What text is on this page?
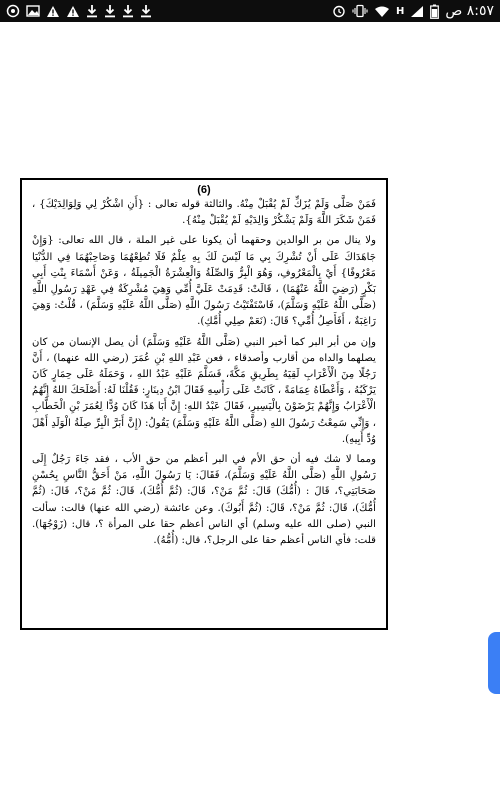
H	٨:٥٧ ص
(6)

فَمَنْ صَلَّى وَلَمْ يُزَكِّ لَمْ يُقْبَلْ مِنْهُ. والثالثة قوله تعالى : {أَنِ اشْكُرْ لِي وَلِوَالِدَيْكَ} ، فَمَنْ شَكَرَ اللَّهَ وَلَمْ يَشْكُرْ وَالِدَيْهِ لَمْ يُقْبَلْ مِنْهُ}.

ولا ينال من بر الوالدين وحقهما أن يكونا على غير الملة ، قال الله تعالى: {وَإِنْ جَاهَدَاكَ عَلَى أَنْ تُشْرِكَ بِي مَا لَيْسَ لَكَ بِهِ عِلْمٌ فَلَا تُطِعْهُمَا وَصَاحِبْهُمَا فِي الدُّنْيَا مَعْرُوفًا} أَيْ بِالْمَعْرُوفِ، وَهُوَ الْبِرُّ وَالصِّلَةُ وَالْعِشْرَةُ الْجَمِيلَةُ ، وَعَنْ أَسْمَاءَ بِنْتِ أَبِي بَكْرٍ (رَضِيَ اللَّهُ عَنْهُمَا) ، قَالَتْ: قَدِمَتْ عَلَيَّ أُمِّي وَهِيَ مُشْرِكَةٌ فِي عَهْدِ رَسُولِ اللَّهِ (صَلَّى اللَّهُ عَلَيْهِ وَسَلَّمَ)، فَاسْتَفْتَيْتُ رَسُولَ اللَّهِ (صَلَّى اللَّهُ عَلَيْهِ وَسَلَّمَ) ، قُلْتُ: وَهِيَ رَاغِبَةٌ ، أَفَأَصِلُ أُمِّي؟ قَالَ: (نَعَمْ صِلِي أُمَّكِ).

وإن من أبر البر كما أخبر النبي (صَلَّى اللَّهُ عَلَيْهِ وَسَلَّمَ) أن يصل الإنسان من كان يصلهما والداه من أقارب وأصدقاء ، فعن عَبْدِ اللهِ بْنِ عُمَرَ (رضي الله عنهما) ، أَنَّ رَجُلًا مِنَ الْأَعْرَابِ لَقِيَهُ بِطَرِيقِ مَكَّةَ، فَسَلَّمَ عَلَيْهِ عَبْدُ اللهِ ، وَحَمَلَهُ عَلَى حِمَارٍ كَانَ يَرْكَبُهُ ، وَأَعْطَاهُ عِمَامَةً ، كَانَتْ عَلَى رَأْسِهِ فَقَالَ ابْنُ دِينَارٍ: فَقُلْنَا لَهُ: أَصْلَحَكَ اللهُ إِنَّهُمُ الْأَعْرَابُ وَإِنَّهُمْ يَرْضَوْنَ بِالْيَسِيرِ، فَقَالَ عَبْدُ اللهِ: إِنَّ أَبَا هَذَا كَانَ وُدًّا لِعُمَرَ بْنِ الْخَطَّابِ ، وَإِنِّي سَمِعْتُ رَسُولَ اللهِ (صَلَّى اللَّهُ عَلَيْهِ وَسَلَّمَ) يَقُولُ: (إِنَّ أَبَرَّ الْبِرِّ صِلَةُ الْوَلَدِ أَهْلَ وُدِّ أَبِيهِ).

ومما لا شك فيه أن حق الأم في البر أعظم من حق الأب ، فقد جَاءَ رَجُلٌ إِلَى رَسُولِ اللَّهِ (صَلَّى اللَّهُ عَلَيْهِ وَسَلَّمَ)، فَقَالَ: يَا رَسُولَ اللَّهِ، مَنْ أَحَقُّ النَّاسِ بِحُسْنِ صَحَابَتِي؟، قَالَ : (أُمُّكَ) قَالَ: ثُمَّ مَنْ؟، قَالَ: (ثُمَّ أُمُّكَ)، قَالَ: ثُمَّ مَنْ؟، قَالَ: (ثُمَّ أُمُّكَ)، قَالَ: ثُمَّ مَنْ؟، قَالَ: (ثُمَّ أَبُوكَ). وعن عائشة (رضي الله عنها) قالت: سألت النبي (صلى الله عليه وسلم) أي الناس أعظم حقا على المرأة ؟، قال: (زَوْجُهَا). قلت: فأي الناس أعظم حقا على الرجل؟، قال: (أُمُّهُ).
